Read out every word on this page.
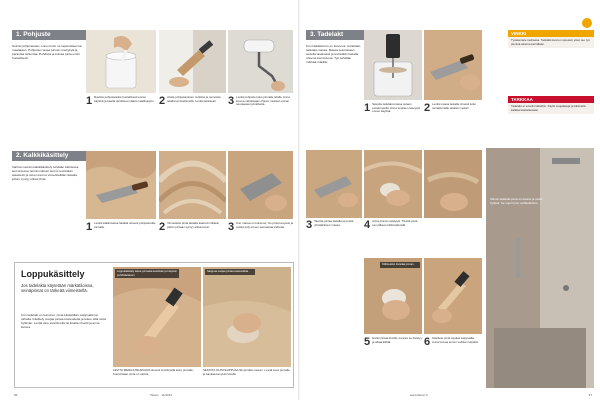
1. Pohjuste

Seinät pohjustetaan, ennen kuin ne tapetoidaan tai maalataan. Pohjustus tasaa pinnan imukykyä ja parantaa tartuntaa. Puhdista ja kuivaa pinta ensin huolellisesti.

1 Ravista pohjusteastia huolellisesti ennen käyttöä ja kaada tarvittava määrä maalikuppiin. 2 Aloita pohjustaminen nurkista ja reunoista telalla tai siveltimellä. Levitä tasaisesti.	3 Levitä pohjuste koko pinnalle telalla. Anna kuivua valmistajan ohjeen mukaan ennen seuraavaa työvaihetta.
2. Kalkkikäsittely

Vanhan seinän kalkkikäsittely tehdään kahdessa kerroksessa. Ensimmäinen kerros levitetään tasaisesti ja toinen kerros viimeistellään lastalla, jolloin syntyy elävä pinta.

1 Levitä kalkkimassa lastalla ohuesti pohjustetulle pinnalle.	2 Viimeistele pinta lastalla kaarevin liikkein, jolloin pintaan syntyy elävä kuvio.	3 Kun massa on kuivunut, hio pinta kevyesti ja poista pöly ennen seuraavaa vaihetta.
Loppukäsittely
Jos tadelakta käytetään märkätiloissa, seinäpinnat on tärkeää viimeistellä.

Kun tadelakt on kuivunut, pinta käsitellään saippualla tai vahalla. Käsittely suojaa pintaa kosteudelta ja tekee siitä vettä hylkivän. Levitä aine siveltimellä tai liinalla ohuelti ja anna kuivua.

Loppukäsittely tekee pinnasta kestävän ja helposti puhdistettavan.
Saippua suojaa pintaa kosteudelta.
LEVITÄ MERILIUSKAPAAVA ohuesti siveltimellä koko pinnalle. Kuivuttuaan pinta on valmis.
SEKOITA OLIIVISAIPPUAA lämpimään veteen. Levitä seos pinnalle ja hankaa kevyesti kivellä.
96	Taloon · 11/2012
3. Tadelakt

Kun kalkkikerros on kuivunut, levitetään tadelakt-massa. Massa sekoitetaan vedellä tasaiseksi ja levitetään lastalla ohuena kerroksena. Työ tehdään märkää märälle.

1 Sekoita tadelakt-massa veteen porakoneella. Anna seoksen tekeytyä ennen käyttöä.	2 Levitä massa lastalla ohuesti koko seinäpinnalle tasaisin vedoin.
3 Tasoita pintaa lastalla ja poista ylimääräinen massa.	4 Anna pinnan vetäytyä. Tiivistä pinta sen jälkeen kiillotuskivellä.
Kiillotuskivi tiivistää pinnan.
5 Hanki pintaa kivellä, kunnes se tiivistyy ja alkaa kiiltää.	6 Käsittele pinta lopuksi saippualla. Anna kuivua ennen suihkun käyttöä.
VINKKI
Työskentele rauhassa. Tadelakt kuivuu nopeasti, joten tee työ pieninä alueina kerrallaan.
TARKKAA
Tadelakt ei sovellu lattioihin. Käytä suojalaseja ja käsineitä kalkkia käsitellessäsi.
Valmis tadelakt-pinta on kaunis ja vettä hylkivä. Se sopii hyvin suihkutiloihin.
97
www.taloon.fi
